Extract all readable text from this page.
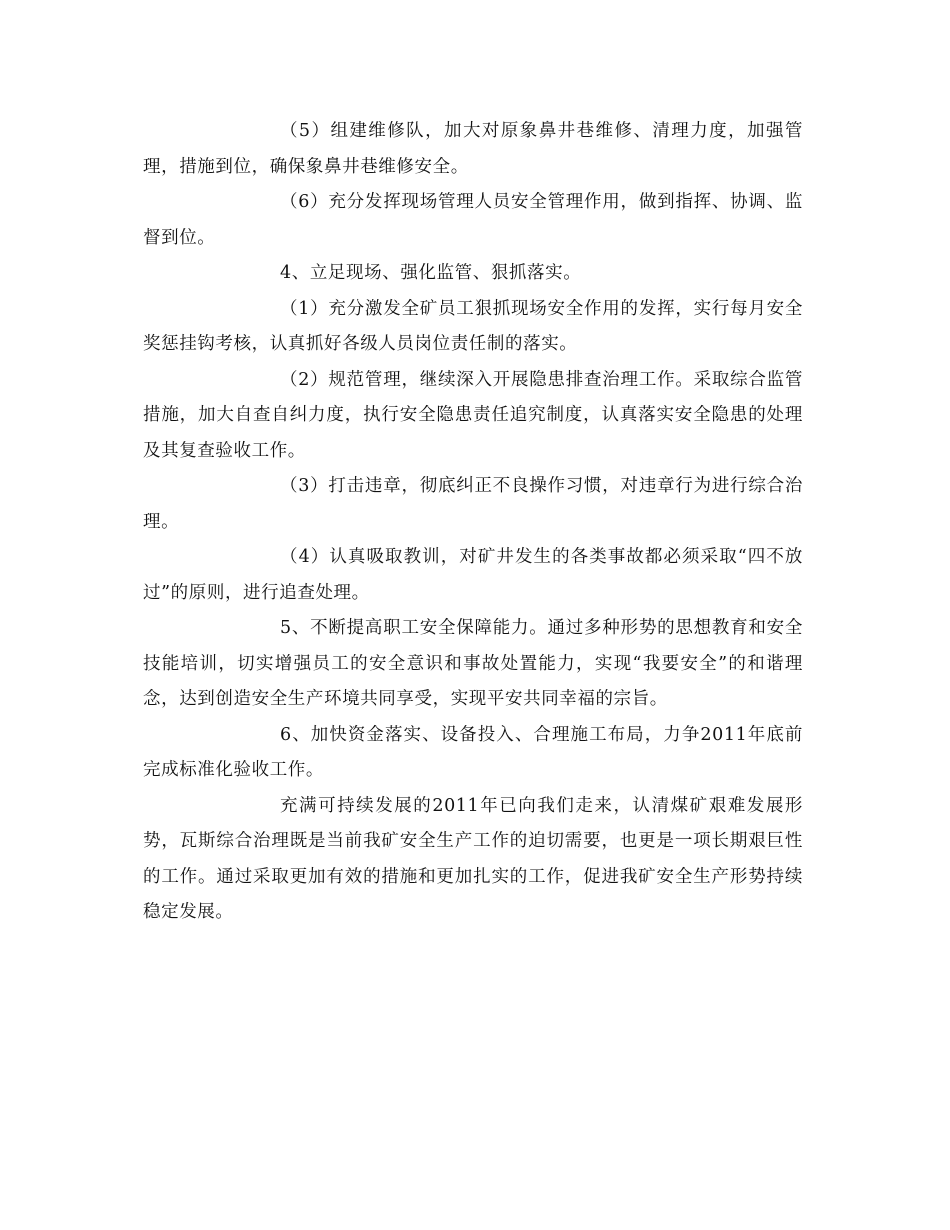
（5）组建维修队，加大对原象鼻井巷维修、清理力度，加强管理，措施到位，确保象鼻井巷维修安全。

（6）充分发挥现场管理人员安全管理作用，做到指挥、协调、监督到位。

4、立足现场、强化监管、狠抓落实。

（1）充分激发全矿员工狠抓现场安全作用的发挥，实行每月安全奖惩挂钩考核，认真抓好各级人员岗位责任制的落实。

（2）规范管理，继续深入开展隐患排查治理工作。采取综合监管措施，加大自查自纠力度，执行安全隐患责任追究制度，认真落实安全隐患的处理及其复查验收工作。

（3）打击违章，彻底纠正不良操作习惯，对违章行为进行综合治理。

（4）认真吸取教训，对矿井发生的各类事故都必须采取“四不放过”的原则，进行追查处理。

5、不断提高职工安全保障能力。通过多种形势的思想教育和安全技能培训，切实增强员工的安全意识和事故处置能力，实现“我要安全”的和谐理念，达到创造安全生产环境共同享受，实现平安共同幸福的宗旨。

6、加快资金落实、设备投入、合理施工布局，力争2011年底前完成标准化验收工作。

充满可持续发展的2011年已向我们走来，认清煤矿艰难发展形势，瓦斯综合治理既是当前我矿安全生产工作的迫切需要，也更是一项长期艰巨性的工作。通过采取更加有效的措施和更加扎实的工作，促进我矿安全生产形势持续稳定发展。
